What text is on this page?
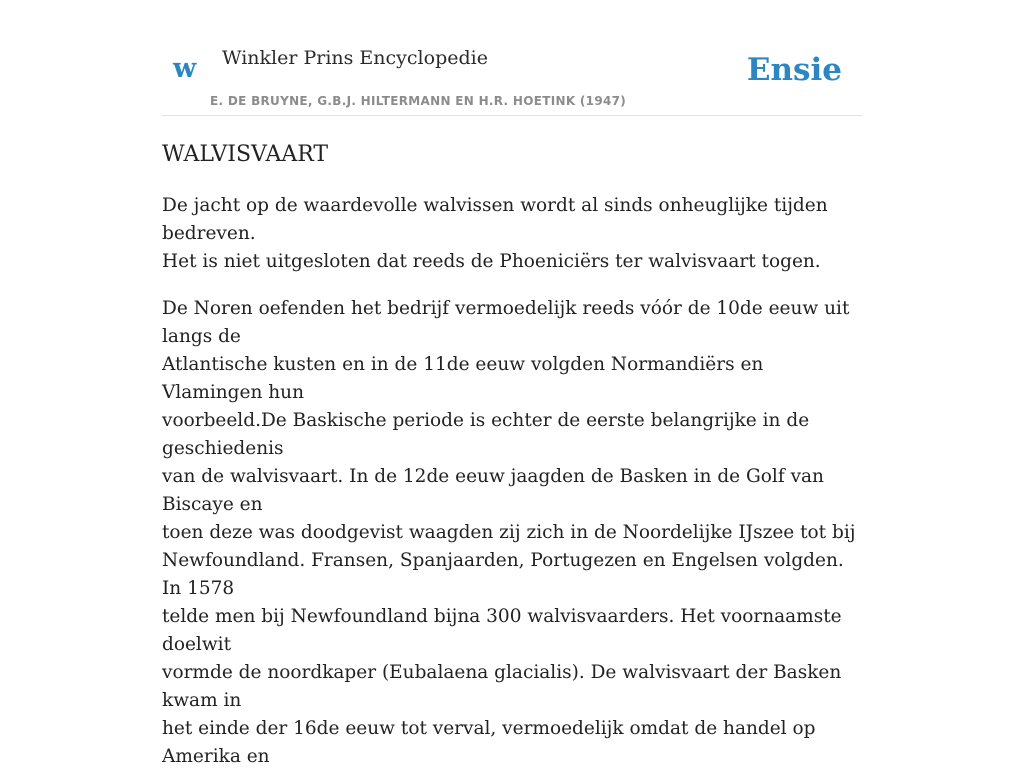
w Winkler Prins Encyclopedie
E. DE BRUYNE, G.B.J. HILTERMANN EN H.R. HOETINK (1947)
Ensie
WALVISVAART

De jacht op de waardevolle walvissen wordt al sinds onheuglijke tijden bedreven.
Het is niet uitgesloten dat reeds de Phoeniciërs ter walvisvaart togen.

De Noren oefenden het bedrijf vermoedelijk reeds vóór de 10de eeuw uit langs de
Atlantische kusten en in de 11de eeuw volgden Normandiërs en Vlamingen hun
voorbeeld.De Baskische periode is echter de eerste belangrijke in de geschiedenis
van de walvisvaart. In de 12de eeuw jaagden de Basken in de Golf van Biscaye en
toen deze was doodgevist waagden zij zich in de Noordelijke IJszee tot bij
Newfoundland. Fransen, Spanjaarden, Portugezen en Engelsen volgden. In 1578
telde men bij Newfoundland bijna 300 walvisvaarders. Het voornaamste doelwit
vormde de noordkaper (Eubalaena glacialis). De walvisvaart der Basken kwam in
het einde der 16de eeuw tot verval, vermoedelijk omdat de handel op Amerika en
